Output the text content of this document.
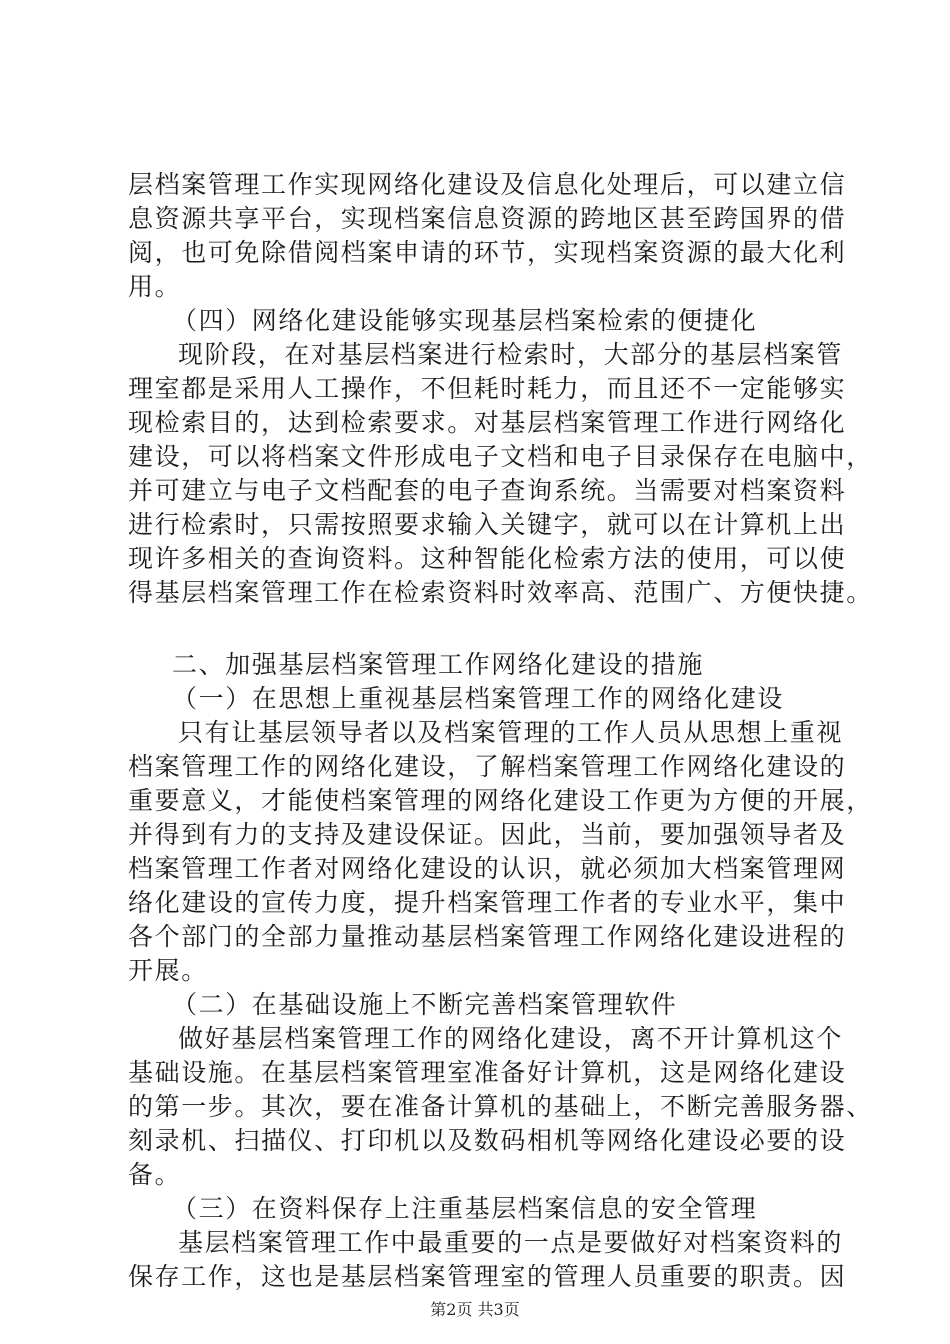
层档案管理工作实现网络化建设及信息化处理后，可以建立信
息资源共享平台，实现档案信息资源的跨地区甚至跨国界的借
阅，也可免除借阅档案申请的环节，实现档案资源的最大化利
用。
（四）网络化建设能够实现基层档案检索的便捷化
现阶段，在对基层档案进行检索时，大部分的基层档案管
理室都是采用人工操作，不但耗时耗力，而且还不一定能够实
现检索目的，达到检索要求。对基层档案管理工作进行网络化
建设，可以将档案文件形成电子文档和电子目录保存在电脑中，
并可建立与电子文档配套的电子查询系统。当需要对档案资料
进行检索时，只需按照要求输入关键字，就可以在计算机上出
现许多相关的查询资料。这种智能化检索方法的使用，可以使
得基层档案管理工作在检索资料时效率高、范围广、方便快捷。
二、加强基层档案管理工作网络化建设的措施
（一）在思想上重视基层档案管理工作的网络化建设
只有让基层领导者以及档案管理的工作人员从思想上重视
档案管理工作的网络化建设，了解档案管理工作网络化建设的
重要意义，才能使档案管理的网络化建设工作更为方便的开展，
并得到有力的支持及建设保证。因此，当前，要加强领导者及
档案管理工作者对网络化建设的认识，就必须加大档案管理网
络化建设的宣传力度，提升档案管理工作者的专业水平，集中
各个部门的全部力量推动基层档案管理工作网络化建设进程的
开展。
（二）在基础设施上不断完善档案管理软件
做好基层档案管理工作的网络化建设，离不开计算机这个
基础设施。在基层档案管理室准备好计算机，这是网络化建设
的第一步。其次，要在准备计算机的基础上，不断完善服务器、
刻录机、扫描仪、打印机以及数码相机等网络化建设必要的设
备。
（三）在资料保存上注重基层档案信息的安全管理
基层档案管理工作中最重要的一点是要做好对档案资料的
保存工作，这也是基层档案管理室的管理人员重要的职责。因
第2页 共3页
